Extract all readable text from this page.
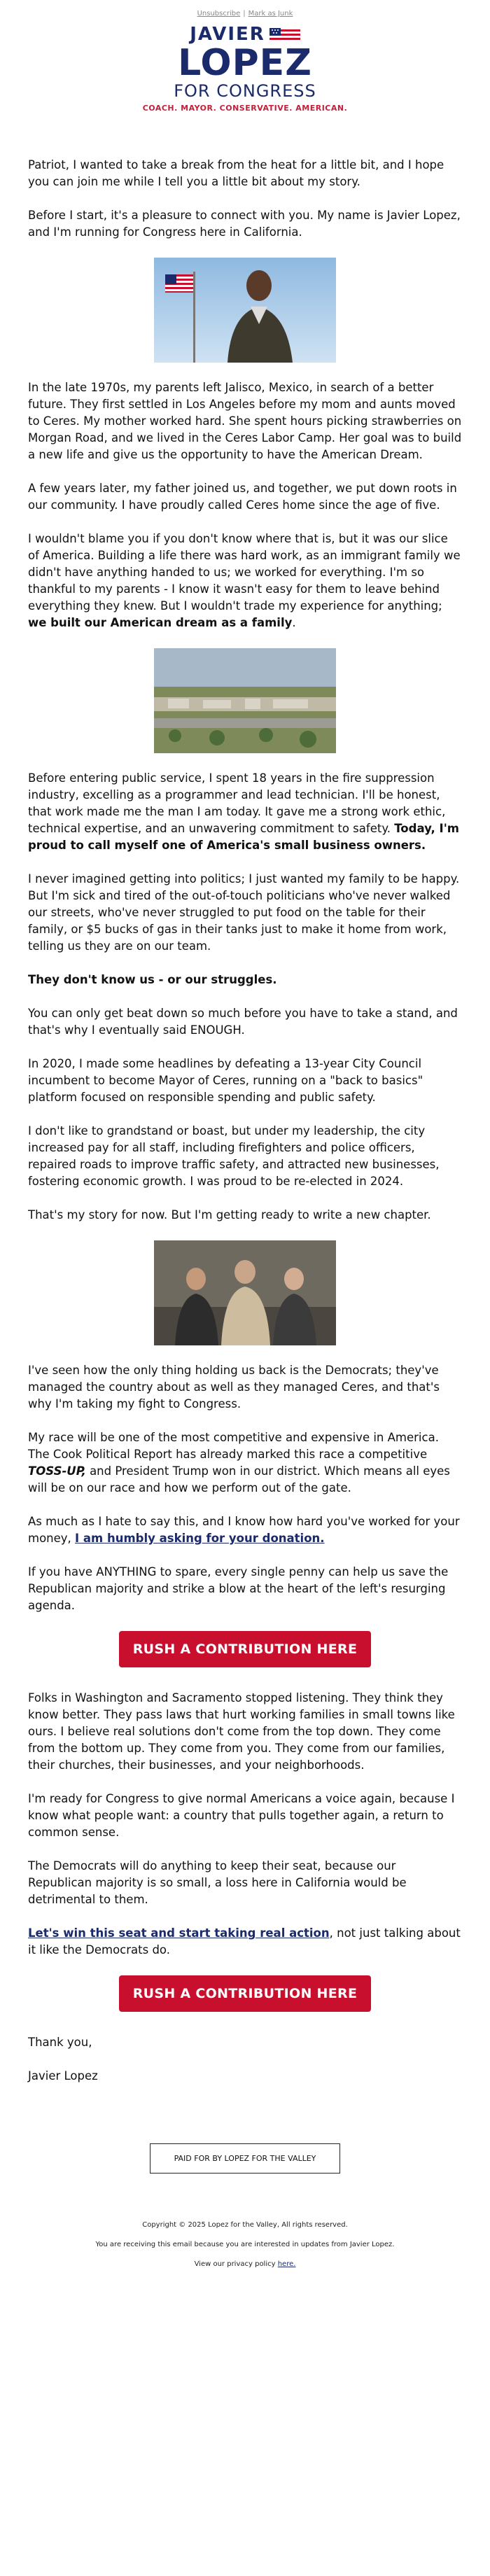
Unsubscribe | Mark as Junk
JAVIER
LOPEZ
FOR CONGRESS
COACH. MAYOR. CONSERVATIVE. AMERICAN.

Patriot, I wanted to take a break from the heat for a little bit, and I hope you can join me while I tell you a little bit about my story.

Before I start, it's a pleasure to connect with you. My name is Javier Lopez, and I'm running for Congress here in California.

In the late 1970s, my parents left Jalisco, Mexico, in search of a better future. They first settled in Los Angeles before my mom and aunts moved to Ceres. My mother worked hard. She spent hours picking strawberries on Morgan Road, and we lived in the Ceres Labor Camp. Her goal was to build a new life and give us the opportunity to have the American Dream.

A few years later, my father joined us, and together, we put down roots in our community. I have proudly called Ceres home since the age of five.

I wouldn't blame you if you don't know where that is, but it was our slice of America. Building a life there was hard work, as an immigrant family we didn't have anything handed to us; we worked for everything. I'm so thankful to my parents - I know it wasn't easy for them to leave behind everything they knew. But I wouldn't trade my experience for anything; we built our American dream as a family.

Before entering public service, I spent 18 years in the fire suppression industry, excelling as a programmer and lead technician. I'll be honest, that work made me the man I am today. It gave me a strong work ethic, technical expertise, and an unwavering commitment to safety. Today, I'm proud to call myself one of America's small business owners.

I never imagined getting into politics; I just wanted my family to be happy. But I'm sick and tired of the out-of-touch politicians who've never walked our streets, who've never struggled to put food on the table for their family, or $5 bucks of gas in their tanks just to make it home from work, telling us they are on our team.

They don't know us - or our struggles.

You can only get beat down so much before you have to take a stand, and that's why I eventually said ENOUGH.

In 2020, I made some headlines by defeating a 13-year City Council incumbent to become Mayor of Ceres, running on a "back to basics" platform focused on responsible spending and public safety.

I don't like to grandstand or boast, but under my leadership, the city increased pay for all staff, including firefighters and police officers, repaired roads to improve traffic safety, and attracted new businesses, fostering economic growth. I was proud to be re-elected in 2024.

That's my story for now. But I'm getting ready to write a new chapter.

I've seen how the only thing holding us back is the Democrats; they've managed the country about as well as they managed Ceres, and that's why I'm taking my fight to Congress.

My race will be one of the most competitive and expensive in America. The Cook Political Report has already marked this race a competitive TOSS-UP, and President Trump won in our district. Which means all eyes will be on our race and how we perform out of the gate.

As much as I hate to say this, and I know how hard you've worked for your money, I am humbly asking for your donation.

If you have ANYTHING to spare, every single penny can help us save the Republican majority and strike a blow at the heart of the left's resurging agenda.

RUSH A CONTRIBUTION HERE

Folks in Washington and Sacramento stopped listening. They think they know better. They pass laws that hurt working families in small towns like ours. I believe real solutions don't come from the top down. They come from the bottom up. They come from you. They come from our families, their churches, their businesses, and your neighborhoods.

I'm ready for Congress to give normal Americans a voice again, because I know what people want: a country that pulls together again, a return to common sense.

The Democrats will do anything to keep their seat, because our Republican majority is so small, a loss here in California would be detrimental to them.

Let's win this seat and start taking real action, not just talking about it like the Democrats do.

RUSH A CONTRIBUTION HERE

Thank you,

Javier Lopez

PAID FOR BY LOPEZ FOR THE VALLEY
Copyright © 2025 Lopez for the Valley, All rights reserved.
You are receiving this email because you are interested in updates from Javier Lopez.
View our privacy policy here.
